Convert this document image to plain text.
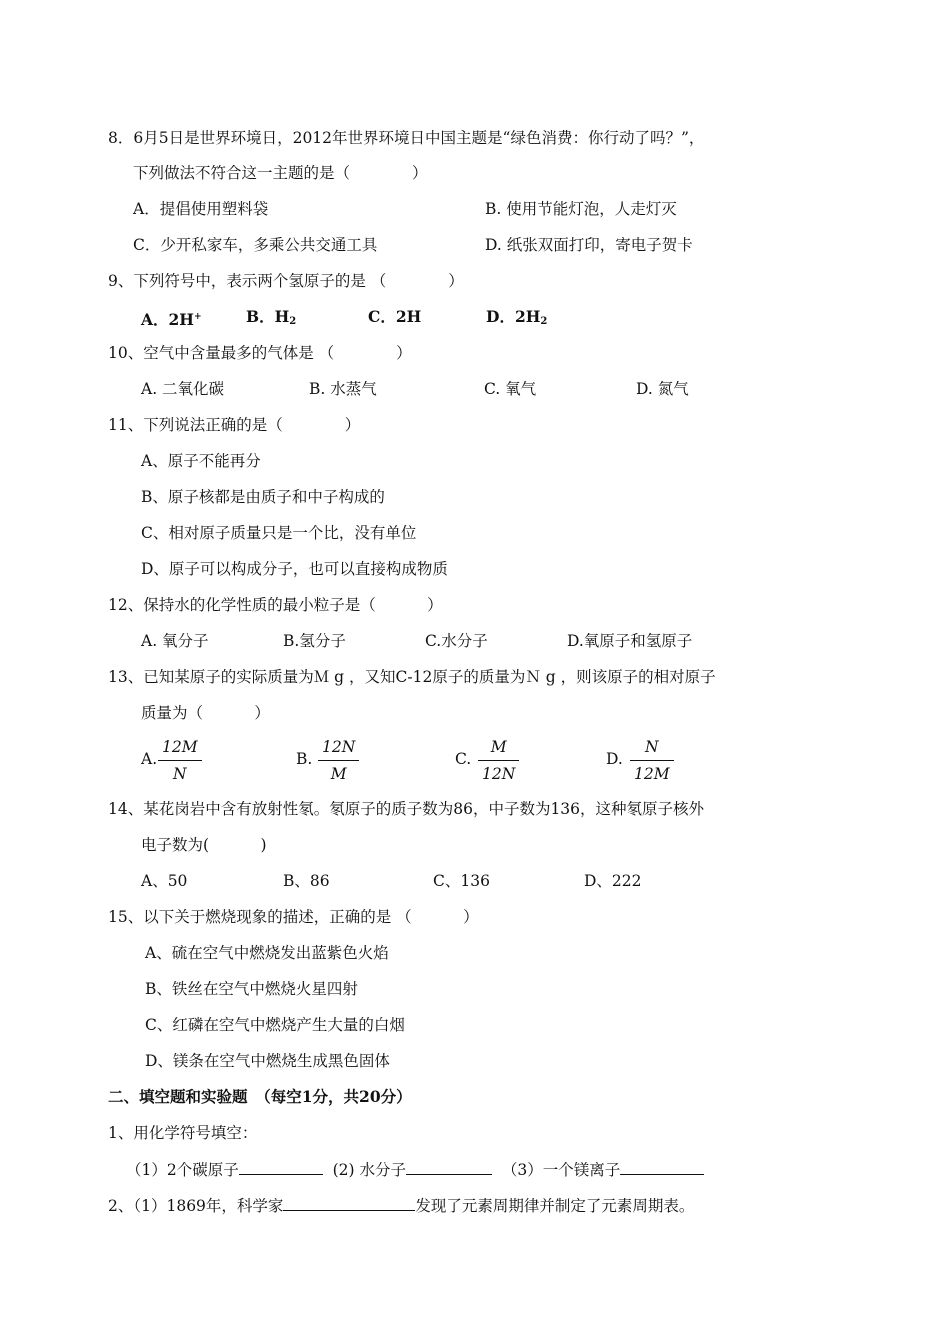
8．6月5日是世界环境日，2012年世界环境日中国主题是“绿色消费：你行动了吗？”，
下列做法不符合这一主题的是（　　　　）
A．提倡使用塑料袋	B. 使用节能灯泡，人走灯灭
C．少开私家车，多乘公共交通工具	D. 纸张双面打印，寄电子贺卡
9、下列符号中，表示两个氢原子的是 （　　　　）
A．2H+	B．$H_2$	C．2H	D．$2H_2$
10、空气中含量最多的气体是 （　　　　）
A. 二氧化碳	B. 水蒸气	C. 氧气	D. 氮气
11、下列说法正确的是（　　　　）
A、原子不能再分
B、原子核都是由质子和中子构成的
C、相对原子质量只是一个比，没有单位
D、原子可以构成分子，也可以直接构成物质
12、保持水的化学性质的最小粒子是（　　　 ）
A. 氧分子	B.氢分子	C.水分子	D.氧原子和氢原子
13、已知某原子的实际质量为Ｍ g ，又知C-12原子的质量为Ｎ g ，则该原子的相对原子
质量为（　　　 ）
A.
12M
N
B.
12N
M
C.
M
12N
D.
N
12M
14、某花岗岩中含有放射性氡。氡原子的质子数为86，中子数为136，这种氡原子核外
电子数为(　　　 )
A、50	B、86	C、136	D、222
15、以下关于燃烧现象的描述，正确的是 （　　　 ）
A、硫在空气中燃烧发出蓝紫色火焰
B、铁丝在空气中燃烧火星四射
C、红磷在空气中燃烧产生大量的白烟
D、镁条在空气中燃烧生成黑色固体
二、填空题和实验题　（每空1分，共20分）
1、用化学符号填空：
（1）2个碳原子	(2) 水分子	（3）一个镁离子
2、（1）1869年，科学家	发现了元素周期律并制定了元素周期表。
